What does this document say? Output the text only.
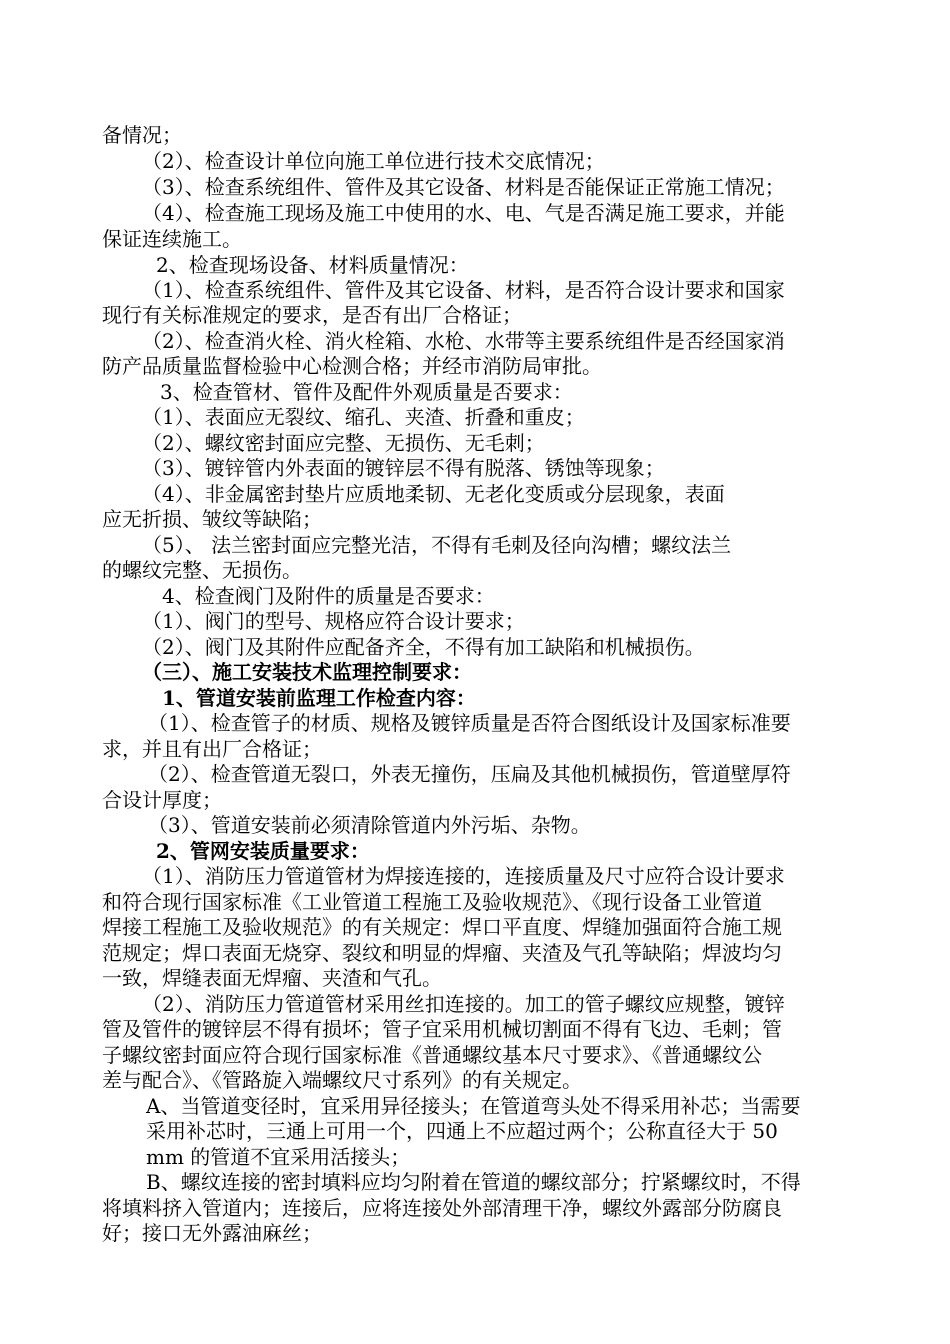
备情况；
（2）、检查设计单位向施工单位进行技术交底情况；
（3）、检查系统组件、管件及其它设备、材料是否能保证正常施工情况；
（4）、检查施工现场及施工中使用的水、电、气是否满足施工要求，并能
保证连续施工。
2、检查现场设备、材料质量情况：
（1）、检查系统组件、管件及其它设备、材料，是否符合设计要求和国家
现行有关标准规定的要求，是否有出厂合格证；
（2）、检查消火栓、消火栓箱、水枪、水带等主要系统组件是否经国家消
防产品质量监督检验中心检测合格；并经市消防局审批。
3、检查管材、管件及配件外观质量是否要求：
（1）、表面应无裂纹、缩孔、夹渣、折叠和重皮；
（2）、螺纹密封面应完整、无损伤、无毛刺；
（3）、镀锌管内外表面的镀锌层不得有脱落、锈蚀等现象；
（4）、非金属密封垫片应质地柔韧、无老化变质或分层现象，表面
应无折损、皱纹等缺陷；
（5）、 法兰密封面应完整光洁，不得有毛刺及径向沟槽；螺纹法兰
的螺纹完整、无损伤。
4、检查阀门及附件的质量是否要求：
（1）、阀门的型号、规格应符合设计要求；
（2）、阀门及其附件应配备齐全，不得有加工缺陷和机械损伤。
（三）、施工安装技术监理控制要求：
1、管道安装前监理工作检查内容：
（1）、检查管子的材质、规格及镀锌质量是否符合图纸设计及国家标准要
求，并且有出厂合格证；
（2）、检查管道无裂口，外表无撞伤，压扁及其他机械损伤，管道壁厚符
合设计厚度；
（3）、管道安装前必须清除管道内外污垢、杂物。
2、管网安装质量要求：
（1）、消防压力管道管材为焊接连接的，连接质量及尺寸应符合设计要求
和符合现行国家标准《工业管道工程施工及验收规范》、《现行设备工业管道
焊接工程施工及验收规范》的有关规定：焊口平直度、焊缝加强面符合施工规
范规定；焊口表面无烧穿、裂纹和明显的焊瘤、夹渣及气孔等缺陷；焊波均匀
一致，焊缝表面无焊瘤、夹渣和气孔。
（2）、消防压力管道管材采用丝扣连接的。加工的管子螺纹应规整，镀锌
管及管件的镀锌层不得有损坏；管子宜采用机械切割面不得有飞边、毛刺；管
子螺纹密封面应符合现行国家标准《普通螺纹基本尺寸要求》、《普通螺纹公
差与配合》、《管路旋入端螺纹尺寸系列》的有关规定。
A、当管道变径时，宜采用异径接头；在管道弯头处不得采用补芯；当需要
采用补芯时，三通上可用一个，四通上不应超过两个；公称直径大于 50
mm 的管道不宜采用活接头；
B、螺纹连接的密封填料应均匀附着在管道的螺纹部分；拧紧螺纹时，不得
将填料挤入管道内；连接后，应将连接处外部清理干净，螺纹外露部分防腐良
好；接口无外露油麻丝；
